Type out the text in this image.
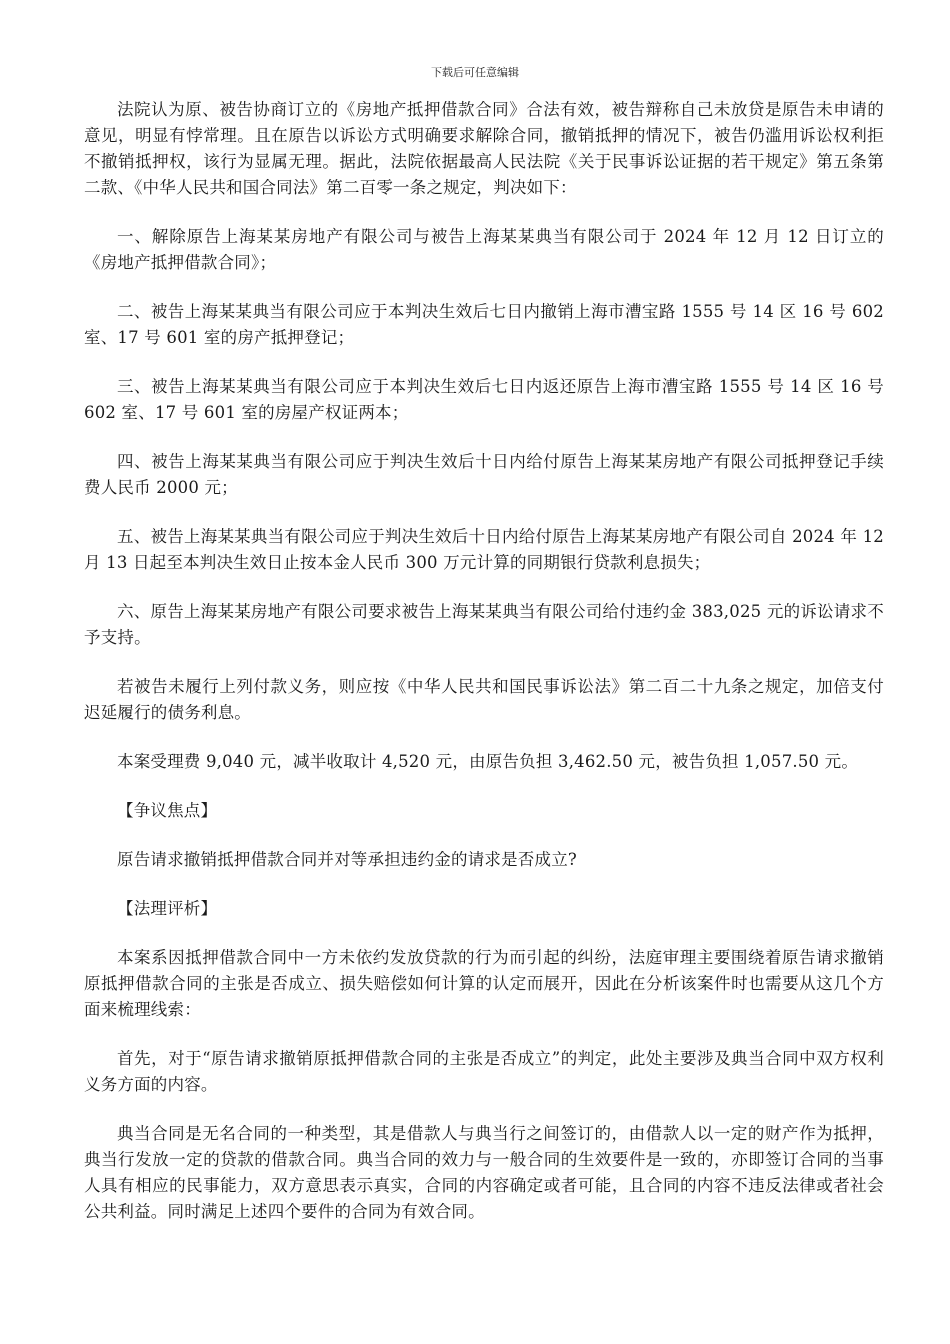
下载后可任意编辑

法院认为原、被告协商订立的《房地产抵押借款合同》合法有效，被告辩称自己未放贷是原告未申请的意见，明显有悖常理。且在原告以诉讼方式明确要求解除合同，撤销抵押的情况下，被告仍滥用诉讼权利拒不撤销抵押权，该行为显属无理。据此，法院依据最高人民法院《关于民事诉讼证据的若干规定》第五条第二款、《中华人民共和国合同法》第二百零一条之规定，判决如下：

一、解除原告上海某某房地产有限公司与被告上海某某典当有限公司于 2024 年 12 月 12 日订立的《房地产抵押借款合同》；

二、被告上海某某典当有限公司应于本判决生效后七日内撤销上海市漕宝路 1555 号 14 区 16 号 602 室、17 号 601 室的房产抵押登记；

三、被告上海某某典当有限公司应于本判决生效后七日内返还原告上海市漕宝路 1555 号 14 区 16 号 602 室、17 号 601 室的房屋产权证两本；

四、被告上海某某典当有限公司应于判决生效后十日内给付原告上海某某房地产有限公司抵押登记手续费人民币 2000 元；

五、被告上海某某典当有限公司应于判决生效后十日内给付原告上海某某房地产有限公司自 2024 年 12 月 13 日起至本判决生效日止按本金人民币 300 万元计算的同期银行贷款利息损失；

六、原告上海某某房地产有限公司要求被告上海某某典当有限公司给付违约金 383,025 元的诉讼请求不予支持。

若被告未履行上列付款义务，则应按《中华人民共和国民事诉讼法》第二百二十九条之规定，加倍支付迟延履行的债务利息。

本案受理费 9,040 元，减半收取计 4,520 元，由原告负担 3,462.50 元，被告负担 1,057.50 元。

【争议焦点】

原告请求撤销抵押借款合同并对等承担违约金的请求是否成立?

【法理评析】

本案系因抵押借款合同中一方未依约发放贷款的行为而引起的纠纷，法庭审理主要围绕着原告请求撤销原抵押借款合同的主张是否成立、损失赔偿如何计算的认定而展开，因此在分析该案件时也需要从这几个方面来梳理线索：

首先，对于“原告请求撤销原抵押借款合同的主张是否成立”的判定，此处主要涉及典当合同中双方权利义务方面的内容。

典当合同是无名合同的一种类型，其是借款人与典当行之间签订的，由借款人以一定的财产作为抵押，典当行发放一定的贷款的借款合同。典当合同的效力与一般合同的生效要件是一致的，亦即签订合同的当事人具有相应的民事能力，双方意思表示真实，合同的内容确定或者可能，且合同的内容不违反法律或者社会公共利益。同时满足上述四个要件的合同为有效合同。
